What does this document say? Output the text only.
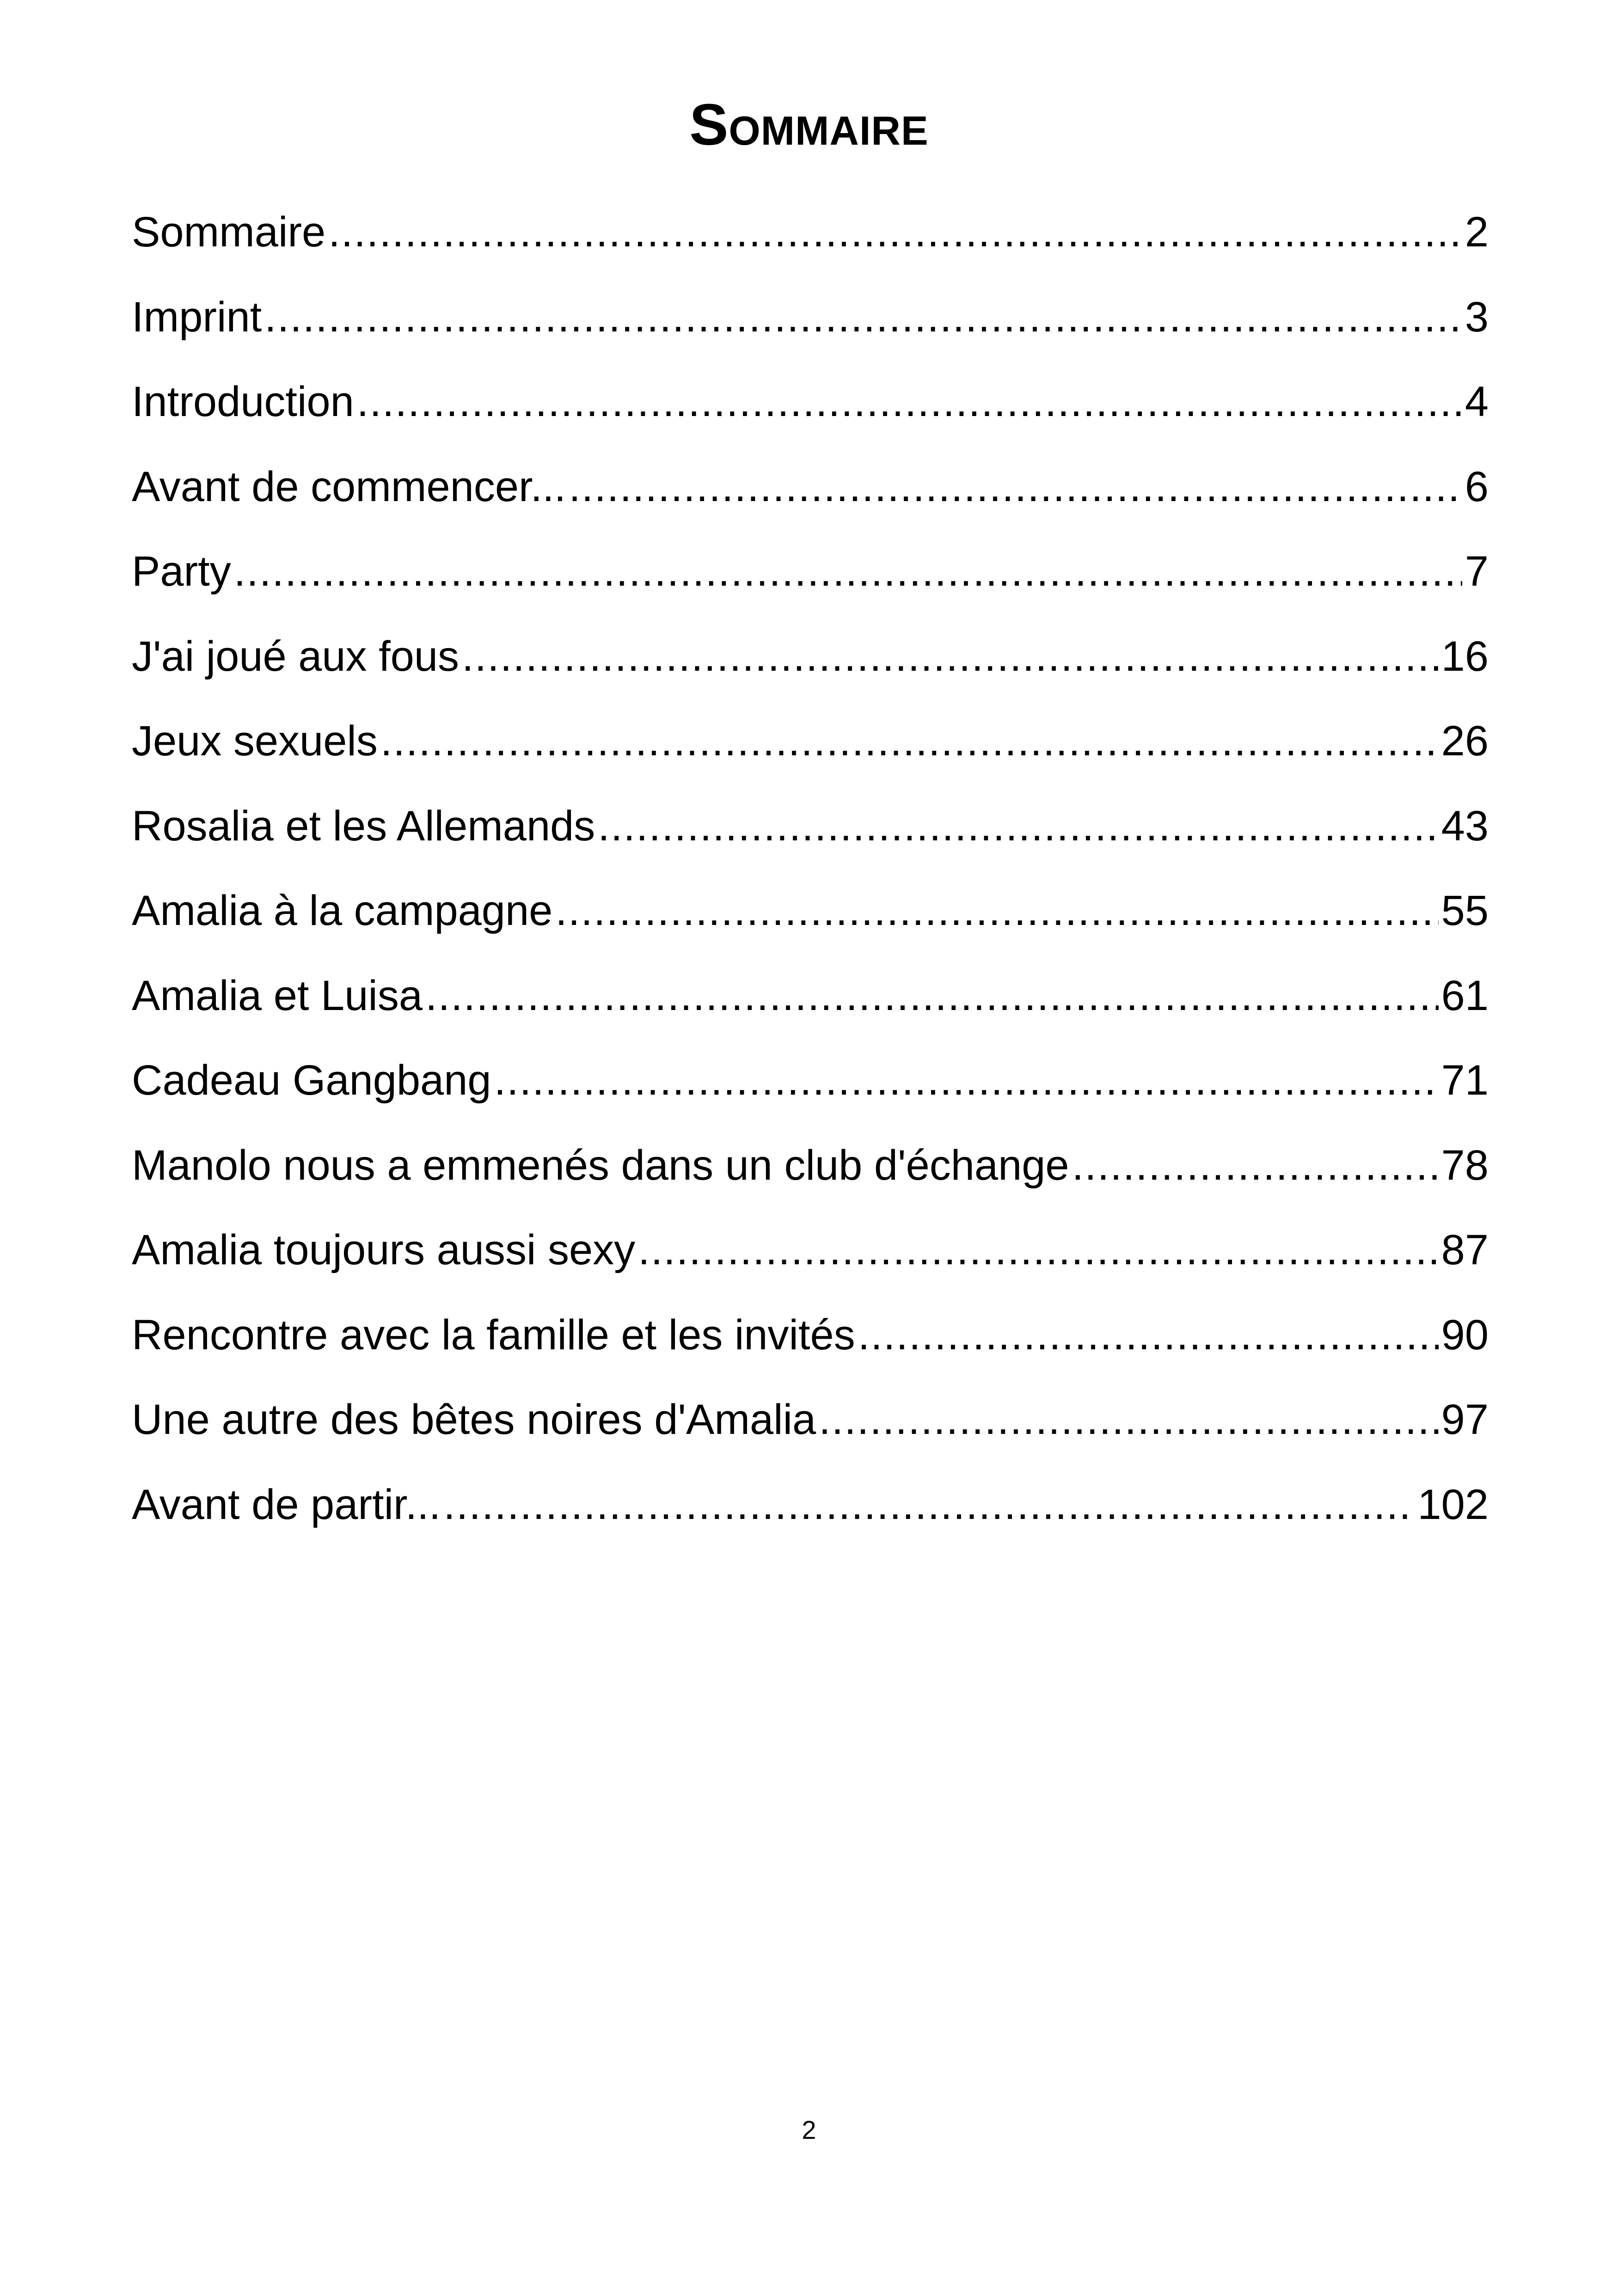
Sommaire
Sommaire .....	2
Imprint .....	3
Introduction .....	4
Avant de commencer... .....	6
Party .....	7
J'ai joué aux fous .....	16
Jeux sexuels .....	26
Rosalia et les Allemands .....	43
Amalia à la campagne .....	55
Amalia et Luisa .....	61
Cadeau Gangbang .....	71
Manolo nous a emmenés dans un club d'échange .....	78
Amalia toujours aussi sexy .....	87
Rencontre avec la famille et les invités .....	90
Une autre des bêtes noires d'Amalia .....	97
Avant de partir... .....	102
2
